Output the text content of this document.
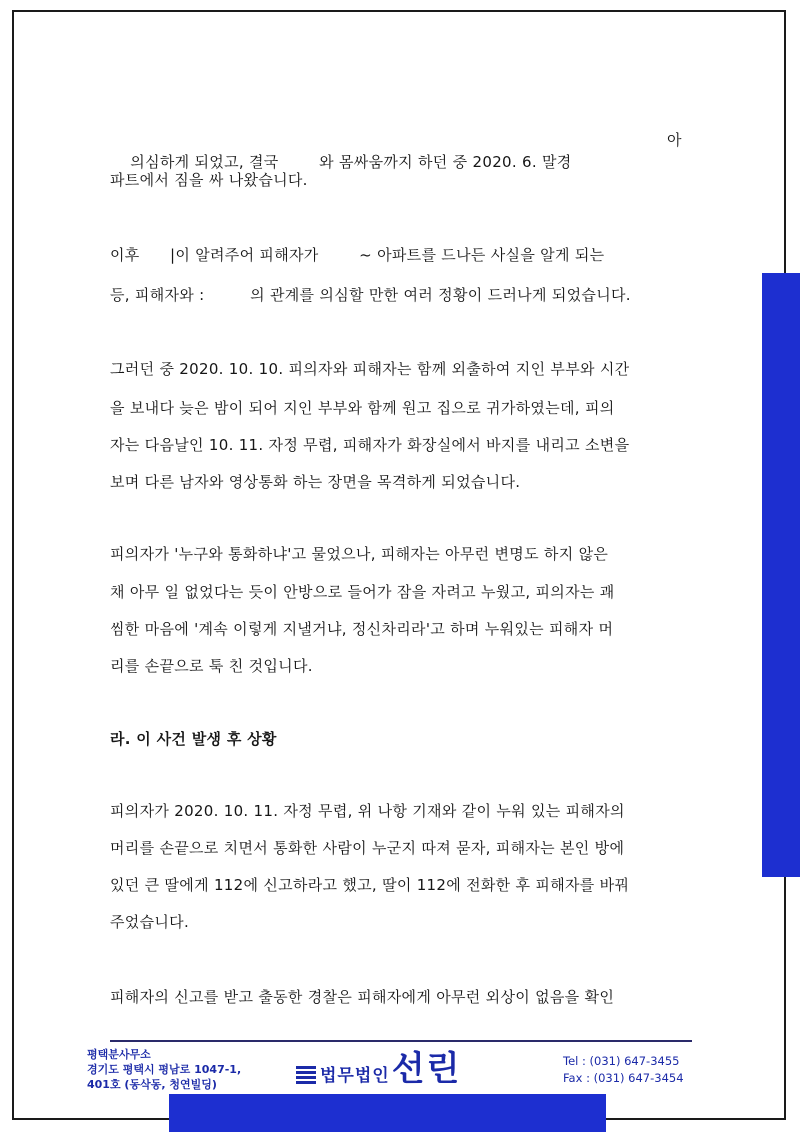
의심하게 되었고, 결국        와 몸싸움까지 하던 중 2020. 6. 말경

아

파트에서 짐을 싸 나왔습니다.
이후      |이 알려주어 피해자가        ~ 아파트를 드나든 사실을 알게 되는
등, 피해자와 :         의 관계를 의심할 만한 여러 정황이 드러나게 되었습니다.
그러던 중 2020. 10. 10. 피의자와 피해자는 함께 외출하여 지인 부부와 시간
을 보내다 늦은 밤이 되어 지인 부부와 함께 원고 집으로 귀가하였는데, 피의
자는 다음날인 10. 11. 자정 무렵, 피해자가 화장실에서 바지를 내리고 소변을
보며 다른 남자와 영상통화 하는 장면을 목격하게 되었습니다.
피의자가 '누구와 통화하냐'고 물었으나, 피해자는 아무런 변명도 하지 않은
채 아무 일 없었다는 듯이 안방으로 들어가 잠을 자려고 누웠고, 피의자는 괘
씸한 마음에 '계속 이렇게 지낼거냐, 정신차리라'고 하며 누워있는 피해자 머
리를 손끝으로 툭 친 것입니다.
라. 이 사건 발생 후 상황
피의자가 2020. 10. 11. 자정 무렵, 위 나항 기재와 같이 누워 있는 피해자의
머리를 손끝으로 치면서 통화한 사람이 누군지 따져 묻자, 피해자는 본인 방에
있던 큰 딸에게 112에 신고하라고 했고, 딸이 112에 전화한 후 피해자를 바꿔
주었습니다.
피해자의 신고를 받고 출동한 경찰은 피해자에게 아무런 외상이 없음을 확인
평택분사무소
경기도 평택시 평남로 1047-1,
401호 (동삭동, 청연빌딩)	법무법인 선린	Tel : (031) 647-3455
Fax : (031) 647-3454
